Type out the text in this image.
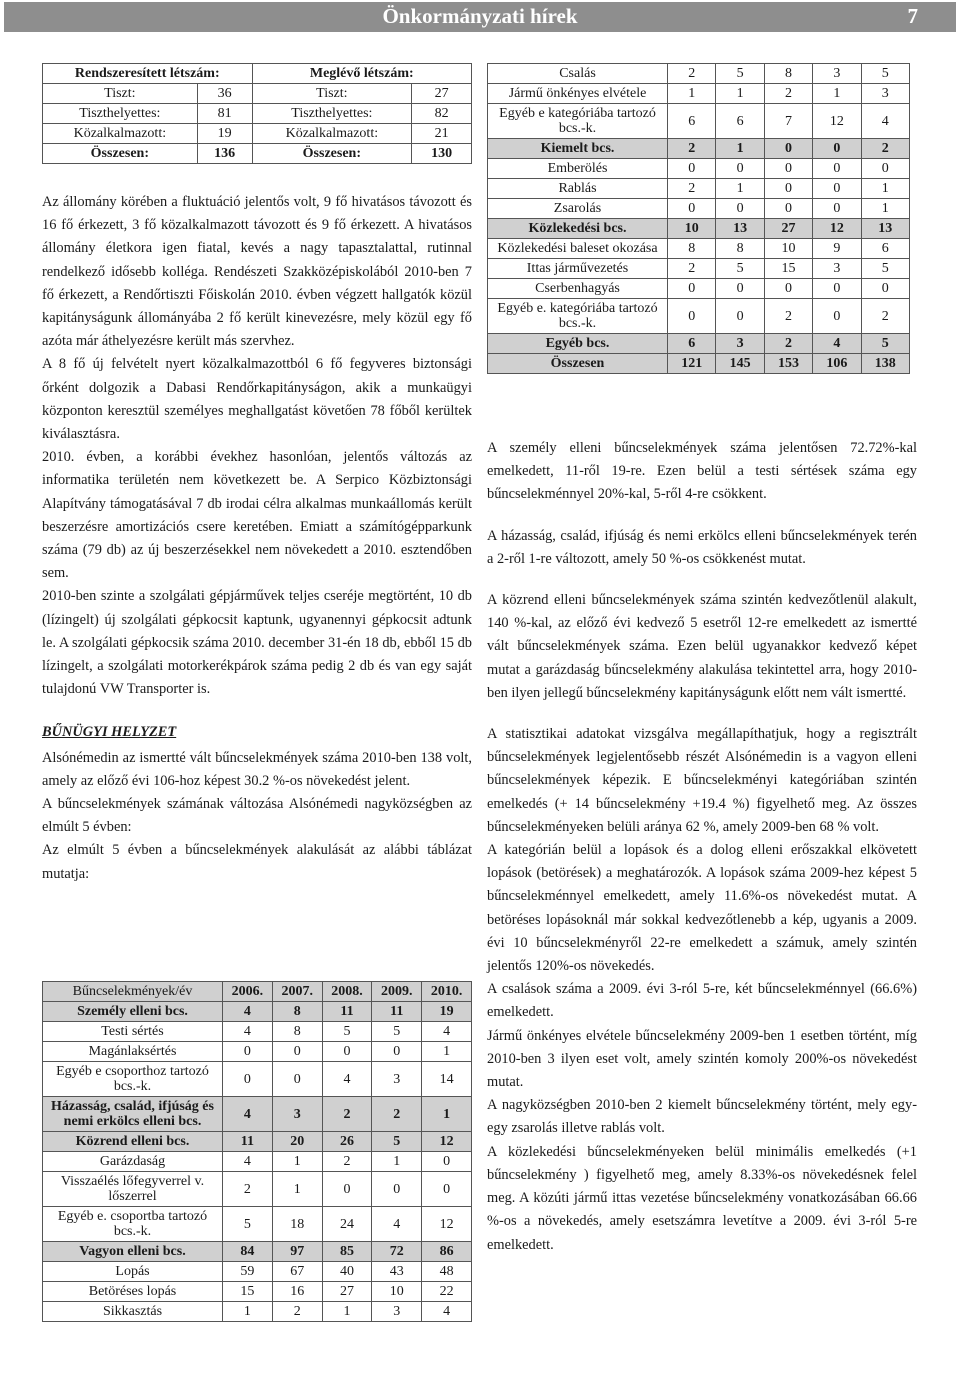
Önkormányzati hírek	7
Rendszeresített létszám:		Meglévő létszám:	
Tiszt:	36	Tiszt:	27
Tiszthelyettes:	81	Tiszthelyettes:	82
Közalkalmazott:	19	Közalkalmazott:	21
Összesen:	136	Összesen:	130

Az állomány körében a fluktuáció jelentős volt, 9 fő hivatásos távozott és 16 fő érkezett, 3 fő közalkalmazott távozott és 9 fő érkezett. A hivatásos állomány életkora igen fiatal, kevés a nagy tapasztalattal, rutinnal rendelkező idősebb kolléga. Rendészeti Szakközépiskolából 2010-ben 7 fő érkezett, a Rendőrtiszti Főiskolán 2010. évben végzett hallgatók közül kapitányságunk állományába 2 fő került kinevezésre, mely közül egy fő azóta már áthelyezésre került más szervhez.

A 8 fő új felvételt nyert közalkalmazottból 6 fő fegyveres biztonsági őrként dolgozik a Dabasi Rendőrkapitányságon, akik a munkaügyi központon keresztül személyes meghallgatást követően 78 főből kerültek kiválasztásra.

2010. évben, a korábbi évekhez hasonlóan, jelentős változás az informatika területén nem következett be. A Serpico Közbiztonsági Alapítvány támogatásával 7 db irodai célra alkalmas munkaállomás került beszerzésre amortizációs csere keretében. Emiatt a számítógépparkunk száma (79 db) az új beszerzésekkel nem növekedett a 2010. esztendőben sem.

2010-ben szinte a szolgálati gépjárművek teljes cseréje megtörtént, 10 db (lízingelt) új szolgálati gépkocsit kaptunk, ugyanennyi gépkocsit adtunk le. A szolgálati gépkocsik száma 2010. december 31-én 18 db, ebből 15 db lízingelt, a szolgálati motorkerékpárok száma pedig 2 db és van egy saját tulajdonú VW Transporter is.

BŰNÜGYI HELYZET

Alsónémedin az ismertté vált bűncselekmények száma 2010-ben 138 volt, amely az előző évi 106-hoz képest 30.2 %-os növekedést jelent.

A bűncselekmények számának változása Alsónémedi nagyközségben az elmúlt 5 évben:

Az elmúlt 5 évben a bűncselekmények alakulását az alábbi táblázat mutatja:

Bűncselekmények/év	2006.	2007.	2008.	2009.	2010.
Személy elleni bcs.	4	8	11	11	19
Testi sértés	4	8	5	5	4
Magánlaksértés	0	0	0	0	1
Egyéb e csoporthoz tartozó bcs.-k.	0	0	4	3	14
Házasság, család, ifjúság és nemi erkölcs elleni bcs.	4	3	2	2	1
Közrend elleni bcs.	11	20	26	5	12
Garázdaság	4	1	2	1	0
Visszaélés lőfegyverrel v. lőszerrel	2	1	0	0	0
Egyéb e. csoportba tartozó bcs.-k.	5	18	24	4	12
Vagyon elleni bcs.	84	97	85	72	86
Lopás	59	67	40	43	48
Betöréses lopás	15	16	27	10	22
Sikkasztás	1	2	1	3	4
Csalás	2	5	8	3	5
Jármű önkényes elvétele	1	1	2	1	3
Egyéb e kategóriába tartozó bcs.-k.	6	6	7	12	4
Kiemelt bcs.	2	1	0	0	2
Emberölés	0	0	0	0	0
Rablás	2	1	0	0	1
Zsarolás	0	0	0	0	1
Közlekedési bcs.	10	13	27	12	13
Közlekedési baleset okozása	8	8	10	9	6
Ittas járművezetés	2	5	15	3	5
Cserbenhagyás	0	0	0	0	0
Egyéb e. kategóriába tartozó bcs.-k.	0	0	2	0	2
Egyéb bcs.	6	3	2	4	5
Összesen	121	145	153	106	138

A személy elleni bűncselekmények száma jelentősen 72.72%-kal emelkedett, 11-ről 19-re. Ezen belül a testi sértések száma egy bűncselekménnyel 20%-kal, 5-ről 4-re csökkent.

A házasság, család, ifjúság és nemi erkölcs elleni bűncselekmények terén a 2-ről 1-re változott, amely 50 %-os csökkenést mutat.

A közrend elleni bűncselekmények száma szintén kedvezőtlenül alakult, 140 %-kal, az előző évi kedvező 5 esetről 12-re emelkedett az ismertté vált bűncselekmények száma. Ezen belül ugyanakkor kedvező képet mutat a garázdaság bűncselekmény alakulása tekintettel arra, hogy 2010-ben ilyen jellegű bűncselekmény kapitányságunk előtt nem vált ismertté.

A statisztikai adatokat vizsgálva megállapíthatjuk, hogy a regisztrált bűncselekmények legjelentősebb részét Alsónémedin is a vagyon elleni bűncselekmények képezik. E bűncselekményi kategóriában szintén emelkedés (+ 14 bűncselekmény +19.4 %) figyelhető meg. Az összes bűncselekményeken belüli aránya 62 %, amely 2009-ben 68 % volt.

A kategórián belül a lopások és a dolog elleni erőszakkal elkövetett lopások (betörések) a meghatározók. A lopások száma 2009-hez képest 5 bűncselekménnyel emelkedett, amely 11.6%-os növekedést mutat. A betöréses lopásoknál már sokkal kedvezőtlenebb a kép, ugyanis a 2009. évi 10 bűncselekményről 22-re emelkedett a számuk, amely szintén jelentős 120%-os növekedés.

A csalások száma a 2009. évi 3-ról 5-re, két bűncselekménnyel (66.6%) emelkedett.

Jármű önkényes elvétele bűncselekmény 2009-ben 1 esetben történt, míg 2010-ben 3 ilyen eset volt, amely szintén komoly 200%-os növekedést mutat.

A nagyközségben 2010-ben 2 kiemelt bűncselekmény történt, mely egy-egy zsarolás illetve rablás volt.

A közlekedési bűncselekményeken belül minimális emelkedés (+1 bűncselekmény ) figyelhető meg, amely 8.33%-os növekedésnek felel meg. A közúti jármű ittas vezetése bűncselekmény vonatkozásában 66.66 %-os a növekedés, amely esetszámra levetítve a 2009. évi 3-ról 5-re emelkedett.
